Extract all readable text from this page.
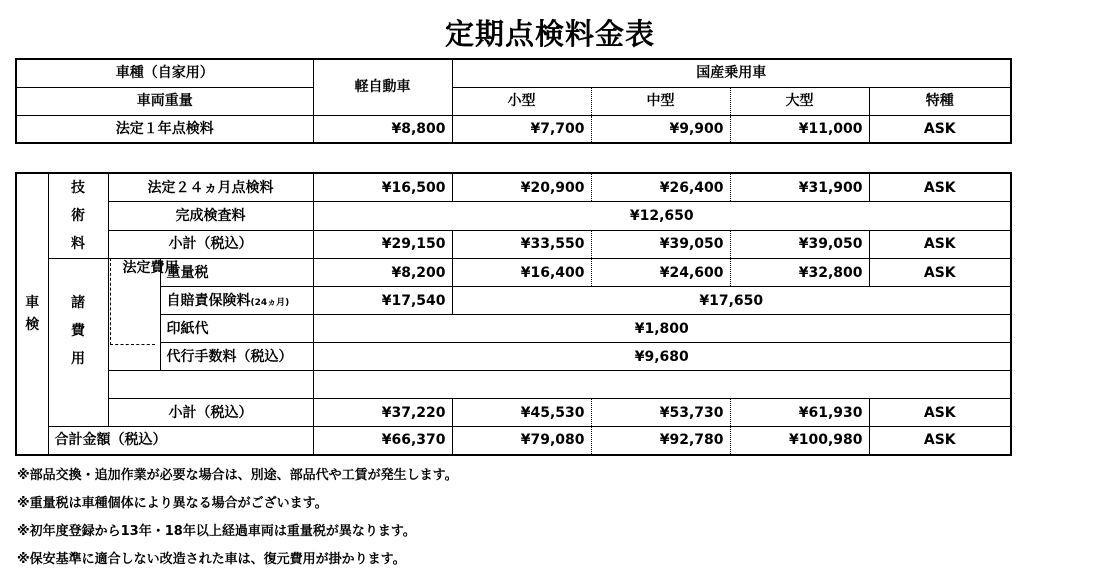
定期点検料金表
車種（自家用）	軽自動車	国産乗用車			
車両重量		小型	中型	大型	特種
法定１年点検料	¥8,800	¥7,700	¥9,900	¥11,000	ASK
車検	技術料	法定２４ヵ月点検料		¥16,500	¥20,900	¥26,400	¥31,900	ASK
		完成検査料		¥12,650				
		小計（税込）		¥29,150	¥33,550	¥39,050	¥39,050	ASK
	諸費用	法定費用	重量税	¥8,200	¥16,400	¥24,600	¥32,800	ASK
			自賠責保険料(24ヵ月)	¥17,540	¥17,650			
			印紙代	¥1,800				
			代行手数料（税込）	¥9,680				

		小計（税込）		¥37,220	¥45,530	¥53,730	¥61,930	ASK
	合計金額（税込）			¥66,370	¥79,080	¥92,780	¥100,980	ASK
※部品交換・追加作業が必要な場合は、別途、部品代や工賃が発生します。
※重量税は車種個体により異なる場合がございます。
※初年度登録から13年・18年以上経過車両は重量税が異なります。
※保安基準に適合しない改造された車は、復元費用が掛かります。
